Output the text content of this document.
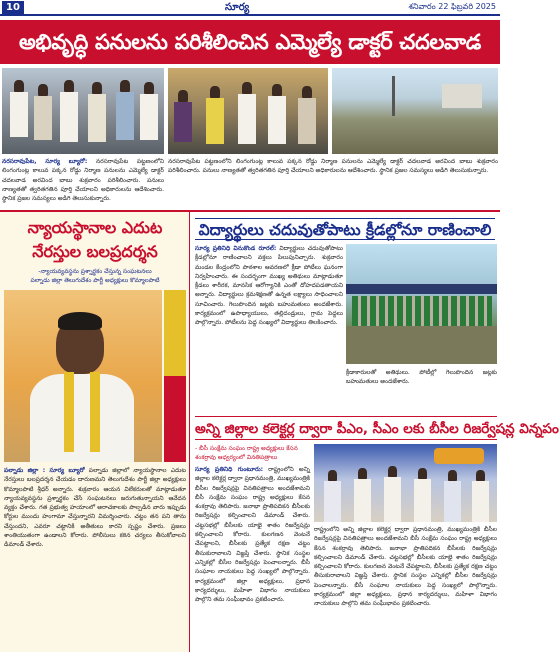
10	సూర్య	శనివారం 22 ఫిబ్రవరి 2025
అభివృద్ధి పనులను పరిశీలించిన ఎమ్మెల్యే డాక్టర్ చదలవాడ
నరసరావుపేట, సూర్య బ్యూరో: నరసరావుపేట పట్టణంలోని లింగంగుంట్ల కాలువ పక్కన రోడ్డు నిర్మాణ పనులను ఎమ్మెల్యే డాక్టర్ చదలవాడ అరవింద బాబు శుక్రవారం పరిశీలించారు. పనులు నాణ్యతతో త్వరితగతిన పూర్తి చేయాలని అధికారులను ఆదేశించారు. స్థానిక ప్రజల సమస్యలు అడిగి తెలుసుకున్నారు.
నరసరావుపేట పట్టణంలోని లింగంగుంట్ల కాలువ పక్కన రోడ్డు నిర్మాణ పనులను ఎమ్మెల్యే డాక్టర్ చదలవాడ అరవింద బాబు శుక్రవారం పరిశీలించారు. పనులు నాణ్యతతో త్వరితగతిన పూర్తి చేయాలని అధికారులను ఆదేశించారు. స్థానిక ప్రజల సమస్యలు అడిగి తెలుసుకున్నారు.
న్యాయస్థానాల ఎదుట
నేరస్తుల బలప్రదర్శన
-న్యాయవ్యవస్థను ప్రశ్నార్థకం చేస్తున్న సంఘటనలు
పల్నాడు జిల్లా తెలుగుదేశం పార్టీ అధ్యక్షులు కొమ్మాలపాటి
పల్నాడు జిల్లా : సూర్య బ్యూరో పల్నాడు జిల్లాలో న్యాయస్థానాల ఎదుట నేరస్తులు బలప్రదర్శన చేయడం దారుణమని తెలుగుదేశం పార్టీ జిల్లా అధ్యక్షులు కొమ్మాలపాటి శ్రీధర్ అన్నారు. శుక్రవారం ఆయన విలేకరులతో మాట్లాడుతూ న్యాయవ్యవస్థను ప్రశ్నార్థకం చేసే సంఘటనలు జరుగుతున్నాయని ఆవేదన వ్యక్తం చేశారు. గత ప్రభుత్వ హయాంలో అరాచకాలకు పాల్పడిన వారు ఇప్పుడు కోర్టుల ముందు హంగామా చేస్తున్నారని విమర్శించారు. చట్టం తన పని తాను చేస్తుందని, ఎవరూ చట్టానికి అతీతులు కారని స్పష్టం చేశారు. ప్రజలు శాంతియుతంగా ఉండాలని కోరారు. పోలీసులు కఠిన చర్యలు తీసుకోవాలని డిమాండ్ చేశారు.
విద్యార్థులు చదువుతోపాటు క్రీడల్లోనూ రాణించాలి
సూర్య ప్రతినిధి వినుకొండ రూరల్: విద్యార్థులు చదువుతోపాటు క్రీడల్లోనూ రాణించాలని వక్తలు పిలుపునిచ్చారు. శుక్రవారం మండల కేంద్రంలోని పాఠశాల ఆవరణలో క్రీడా పోటీలు ఘనంగా నిర్వహించారు. ఈ సందర్భంగా ముఖ్య అతిథులు మాట్లాడుతూ క్రీడలు శారీరక, మానసిక ఆరోగ్యానికి ఎంతో దోహదపడతాయని అన్నారు. విద్యార్థులు క్రమశిక్షణతో ఉన్నత లక్ష్యాలు సాధించాలని సూచించారు. గెలుపొందిన జట్లకు బహుమతులు అందజేశారు. కార్యక్రమంలో ఉపాధ్యాయులు, తల్లిదండ్రులు, గ్రామ పెద్దలు పాల్గొన్నారు. పోటీలను పెద్ద సంఖ్యలో విద్యార్థులు తిలకించారు.
క్రీడాకారులతో అతిథులు. పోటీల్లో గెలుపొందిన జట్లకు బహుమతులు అందజేశారు.
అన్ని జిల్లాల కలెక్టర్ల ద్వారా పీఎం, సీఎం లకు బీసీల రిజర్వేషన్ల విన్నపం
- బీసీ సంక్షేమ సంఘం రాష్ట్ర అధ్యక్షులు కేసన
శంకర్రావు ఆధ్వర్యంలో వినతిపత్రాలు
సూర్య ప్రతినిధి గుంటూరు: రాష్ట్రంలోని అన్ని జిల్లాల కలెక్టర్ల ద్వారా ప్రధానమంత్రి, ముఖ్యమంత్రికి బీసీల రిజర్వేషన్లపై వినతిపత్రాలు అందజేశామని బీసీ సంక్షేమ సంఘం రాష్ట్ర అధ్యక్షులు కేసన శంకర్రావు తెలిపారు. జనాభా ప్రాతిపదికన బీసీలకు రిజర్వేషన్లు కల్పించాలని డిమాండ్ చేశారు. చట్టసభల్లో బీసీలకు యాభై శాతం రిజర్వేషన్లు కల్పించాలని కోరారు. కులగణన వెంటనే చేపట్టాలని, బీసీలకు ప్రత్యేక రక్షణ చట్టం తీసుకురావాలని విజ్ఞప్తి చేశారు. స్థానిక సంస్థల ఎన్నికల్లో బీసీల రిజర్వేషన్లు పెంచాలన్నారు. బీసీ సంఘాల నాయకులు పెద్ద సంఖ్యలో పాల్గొన్నారు. కార్యక్రమంలో జిల్లా అధ్యక్షులు, ప్రధాన కార్యదర్శులు, మహిళా విభాగం నాయకులు పాల్గొని తమ సంఘీభావం ప్రకటించారు.
రాష్ట్రంలోని అన్ని జిల్లాల కలెక్టర్ల ద్వారా ప్రధానమంత్రి, ముఖ్యమంత్రికి బీసీల రిజర్వేషన్లపై వినతిపత్రాలు అందజేశామని బీసీ సంక్షేమ సంఘం రాష్ట్ర అధ్యక్షులు కేసన శంకర్రావు తెలిపారు. జనాభా ప్రాతిపదికన బీసీలకు రిజర్వేషన్లు కల్పించాలని డిమాండ్ చేశారు. చట్టసభల్లో బీసీలకు యాభై శాతం రిజర్వేషన్లు కల్పించాలని కోరారు. కులగణన వెంటనే చేపట్టాలని, బీసీలకు ప్రత్యేక రక్షణ చట్టం తీసుకురావాలని విజ్ఞప్తి చేశారు. స్థానిక సంస్థల ఎన్నికల్లో బీసీల రిజర్వేషన్లు పెంచాలన్నారు. బీసీ సంఘాల నాయకులు పెద్ద సంఖ్యలో పాల్గొన్నారు. కార్యక్రమంలో జిల్లా అధ్యక్షులు, ప్రధాన కార్యదర్శులు, మహిళా విభాగం నాయకులు పాల్గొని తమ సంఘీభావం ప్రకటించారు.
